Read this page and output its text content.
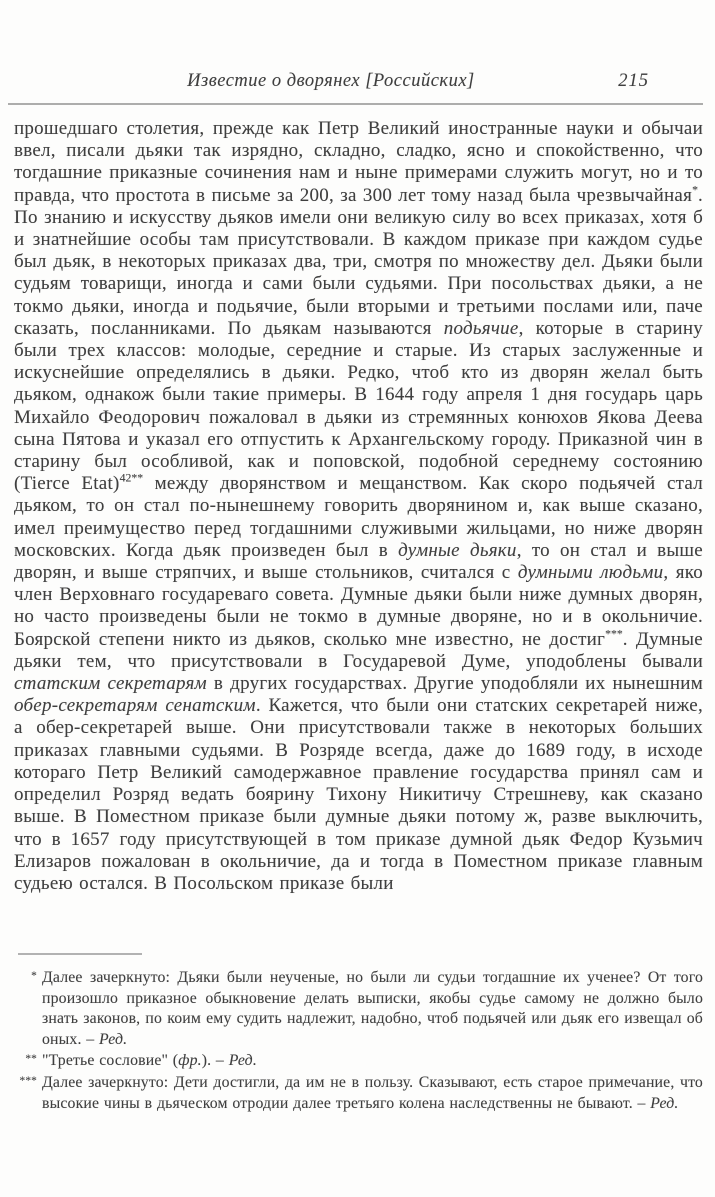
Известие о дворянех [Российских]	215

прошедшаго столетия, прежде как Петр Великий иностранные науки и обычаи ввел, писали дьяки так изрядно, складно, сладко, ясно и спокойственно, что тогдашние приказные сочинения нам и ныне примерами служить могут, но и то правда, что простота в письме за 200, за 300 лет тому назад была чрезвычайная*. По знанию и искусству дьяков имели они великую силу во всех приказах, хотя б и знатнейшие особы там присутствовали. В каждом приказе при каждом судье был дьяк, в некоторых приказах два, три, смотря по множеству дел. Дьяки были судьям товарищи, иногда и сами были судьями. При посольствах дьяки, а не токмо дьяки, иногда и подьячие, были вторыми и третьими послами или, паче сказать, посланниками. По дьякам называются подьячие, которые в старину были трех классов: молодые, середние и старые. Из старых заслуженные и искуснейшие определялись в дьяки. Редко, чтоб кто из дворян желал быть дьяком, однакож были такие примеры. В 1644 году апреля 1 дня государь царь Михайло Феодорович пожаловал в дьяки из стремянных конюхов Якова Деева сына Пятова и указал его отпустить к Архангельскому городу. Приказной чин в старину был особливой, как и поповской, подобной середнему состоянию (Tierce Etat)$^{42**}$ между дворянством и мещанством. Как скоро подьячей стал дьяком, то он стал по-нынешнему говорить дворянином и, как выше сказано, имел преимущество перед тогдашними служивыми жильцами, но ниже дворян московских. Когда дьяк произведен был в думные дьяки, то он стал и выше дворян, и выше стряпчих, и выше стольников, считался с думными людьми, яко член Верховнаго государеваго совета. Думные дьяки были ниже думных дворян, но часто произведены были не токмо в думные дворяне, но и в окольничие. Боярской степени никто из дьяков, сколько мне известно, не достиг***. Думные дьяки тем, что присутствовали в Государевой Думе, уподоблены бывали статским секретарям в других государствах. Другие уподобляли их нынешним обер-секретарям сенатским. Кажется, что были они статских секретарей ниже, а обер-секретарей выше. Они присутствовали также в некоторых больших приказах главными судьями. В Розряде всегда, даже до 1689 году, в исходе котораго Петр Великий самодержавное правление государства принял сам и определил Розряд ведать боярину Тихону Никитичу Стрешневу, как сказано выше. В Поместном приказе были думные дьяки потому ж, разве выключить, что в 1657 году присутствующей в том приказе думной дьяк Федор Кузьмич Елизаров пожалован в окольничие, да и тогда в Поместном приказе главным судьею остался. В Посольском приказе были

* Далее зачеркнуто: Дьяки были неученые, но были ли судьи тогдашние их ученее? От того произошло приказное обыкновение делать выписки, якобы судье самому не должно было знать законов, по коим ему судить надлежит, надобно, чтоб подьячей или дьяк его извещал об оных. – Ред.
** "Третье сословие" (фр.). – Ред.
*** Далее зачеркнуто: Дети достигли, да им не в пользу. Сказывают, есть старое примечание, что высокие чины в дьяческом отродии далее третьяго колена наследственны не бывают. – Ред.
